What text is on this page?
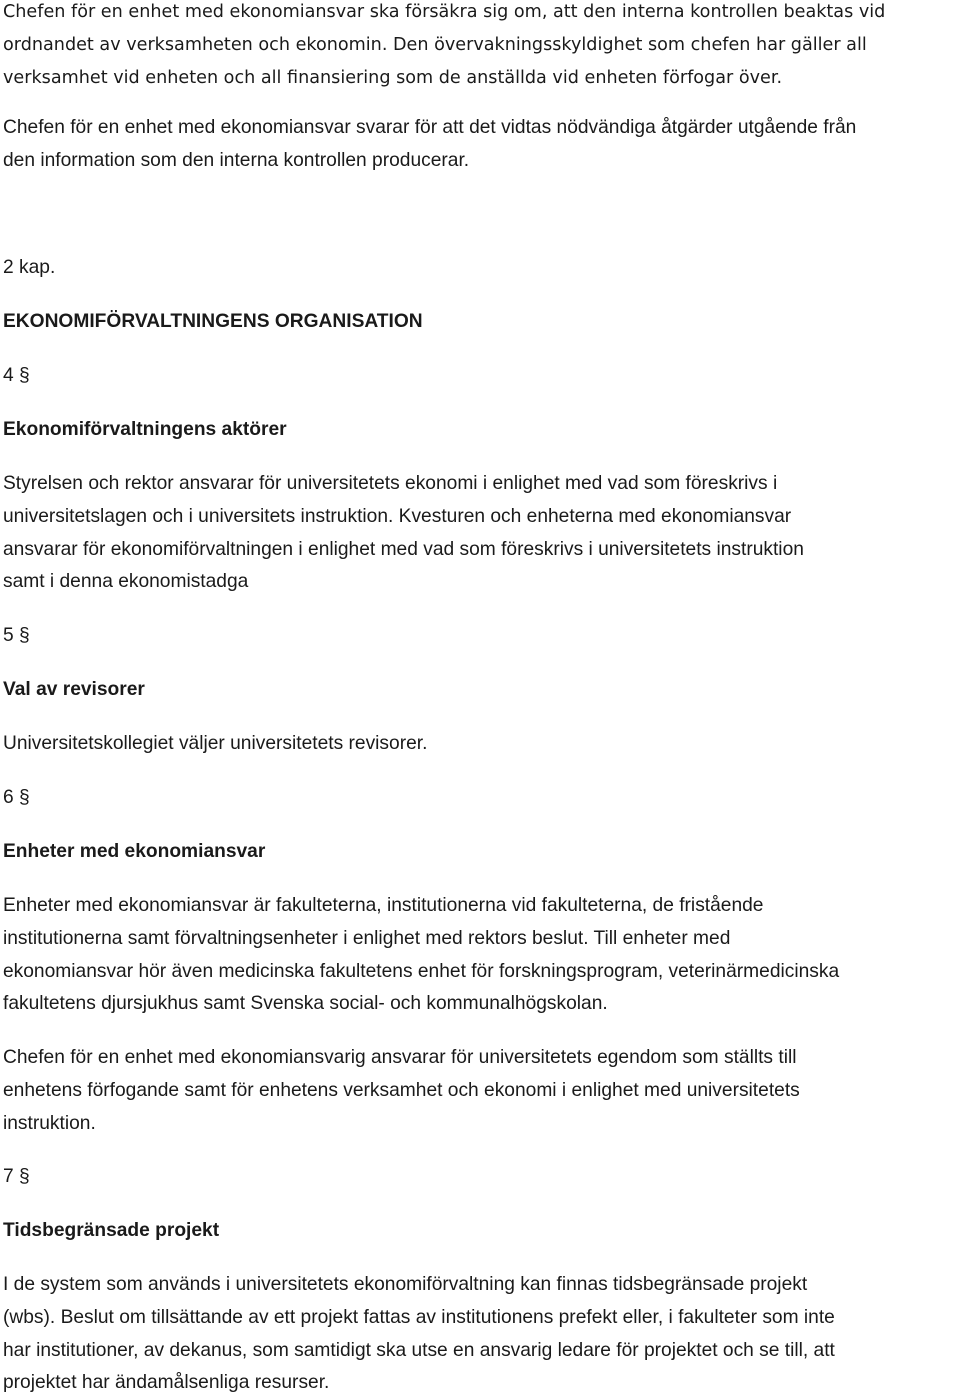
Chefen för en enhet med ekonomiansvar ska försäkra sig om, att den interna kontrollen beaktas vid
ordnandet av verksamheten och ekonomin. Den övervakningsskyldighet som chefen har gäller all
verksamhet vid enheten och all finansiering som de anställda vid enheten förfogar över.

Chefen för en enhet med ekonomiansvar svarar för att det vidtas nödvändiga åtgärder utgående från
den information som den interna kontrollen producerar.

2 kap.

EKONOMIFÖRVALTNINGENS ORGANISATION

4 §

Ekonomiförvaltningens aktörer

Styrelsen och rektor ansvarar för universitetets ekonomi i enlighet med vad som föreskrivs i
universitetslagen och i universitets instruktion. Kvesturen och enheterna med ekonomiansvar
ansvarar för ekonomiförvaltningen i enlighet med vad som föreskrivs i universitetets instruktion
samt i denna ekonomistadga

5 §

Val av revisorer

Universitetskollegiet väljer universitetets revisorer.

6 §

Enheter med ekonomiansvar

Enheter med ekonomiansvar är fakulteterna, institutionerna vid fakulteterna, de fristående
institutionerna samt förvaltningsenheter i enlighet med rektors beslut. Till enheter med
ekonomiansvar hör även medicinska fakultetens enhet för forskningsprogram, veterinärmedicinska
fakultetens djursjukhus samt Svenska social- och kommunalhögskolan.

Chefen för en enhet med ekonomiansvarig ansvarar för universitetets egendom som ställts till
enhetens förfogande samt för enhetens verksamhet och ekonomi i enlighet med universitetets
instruktion.

7 §

Tidsbegränsade projekt

I de system som används i universitetets ekonomiförvaltning kan finnas tidsbegränsade projekt
(wbs). Beslut om tillsättande av ett projekt fattas av institutionens prefekt eller, i fakulteter som inte
har institutioner, av dekanus, som samtidigt ska utse en ansvarig ledare för projektet och se till, att
projektet har ändamålsenliga resurser.
